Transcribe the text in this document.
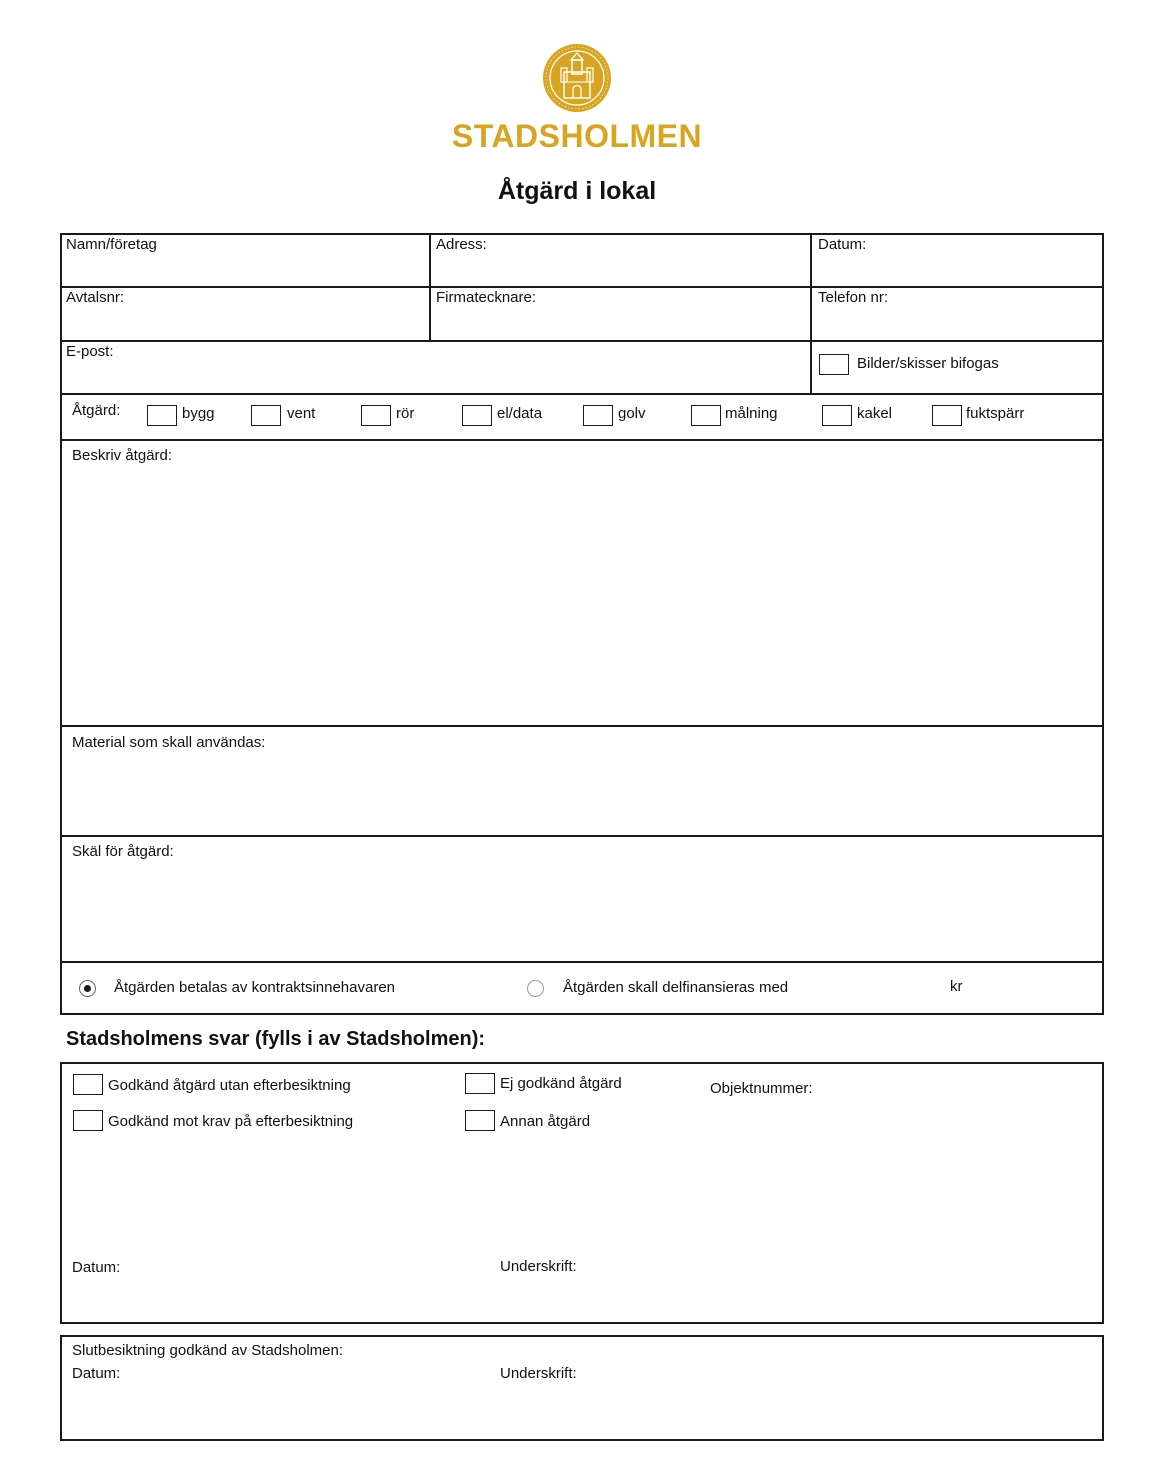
STADSHOLMEN
Åtgärd i lokal
Namn/företag	Adress:	Datum:
Avtalsnr:	Firmatecknare:	Telefon nr:
E-post:
Bilder/skisser bifogas
Åtgärd:	bygg	vent	rör	el/data	golv	målning	kakel	fuktspärr
Beskriv åtgärd:
Material som skall användas:
Skäl för åtgärd:
Åtgärden betalas av kontraktsinnehavaren	Åtgärden skall delfinansieras med	kr
Stadsholmens svar (fylls i av Stadsholmen):
Godkänd åtgärd utan efterbesiktning
Godkänd mot krav på efterbesiktning
Ej godkänd åtgärd
Annan åtgärd
Objektnummer:
Datum:	Underskrift:
Slutbesiktning godkänd av Stadsholmen:
Datum:	Underskrift:
